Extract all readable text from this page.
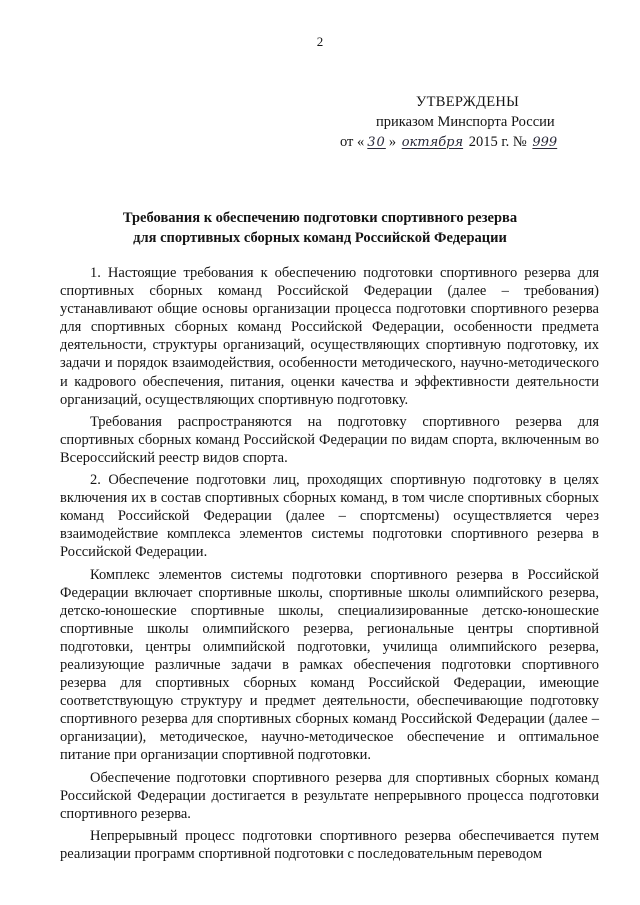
2
УТВЕРЖДЕНЫ
приказом Минспорта России
от « 30 » октября 2015 г. № 999
Требования к обеспечению подготовки спортивного резерва
для спортивных сборных команд Российской Федерации

1. Настоящие требования к обеспечению подготовки спортивного резерва для спортивных сборных команд Российской Федерации (далее – требования) устанавливают общие основы организации процесса подготовки спортивного резерва для спортивных сборных команд Российской Федерации, особенности предмета деятельности, структуры организаций, осуществляющих спортивную подготовку, их задачи и порядок взаимодействия, особенности методического, научно-методического и кадрового обеспечения, питания, оценки качества и эффективности деятельности организаций, осуществляющих спортивную подготовку.

Требования распространяются на подготовку спортивного резерва для спортивных сборных команд Российской Федерации по видам спорта, включенным во Всероссийский реестр видов спорта.

2. Обеспечение подготовки лиц, проходящих спортивную подготовку в целях включения их в состав спортивных сборных команд, в том числе спортивных сборных команд Российской Федерации (далее – спортсмены) осуществляется через взаимодействие комплекса элементов системы подготовки спортивного резерва в Российской Федерации.

Комплекс элементов системы подготовки спортивного резерва в Российской Федерации включает спортивные школы, спортивные школы олимпийского резерва, детско-юношеские спортивные школы, специализированные детско-юношеские спортивные школы олимпийского резерва, региональные центры спортивной подготовки, центры олимпийской подготовки, училища олимпийского резерва, реализующие различные задачи в рамках обеспечения подготовки спортивного резерва для спортивных сборных команд Российской Федерации, имеющие соответствующую структуру и предмет деятельности, обеспечивающие подготовку спортивного резерва для спортивных сборных команд Российской Федерации (далее – организации), методическое, научно-методическое обеспечение и оптимальное питание при организации спортивной подготовки.

Обеспечение подготовки спортивного резерва для спортивных сборных команд Российской Федерации достигается в результате непрерывного процесса подготовки спортивного резерва.

Непрерывный процесс подготовки спортивного резерва обеспечивается путем реализации программ спортивной подготовки с последовательным переводом
